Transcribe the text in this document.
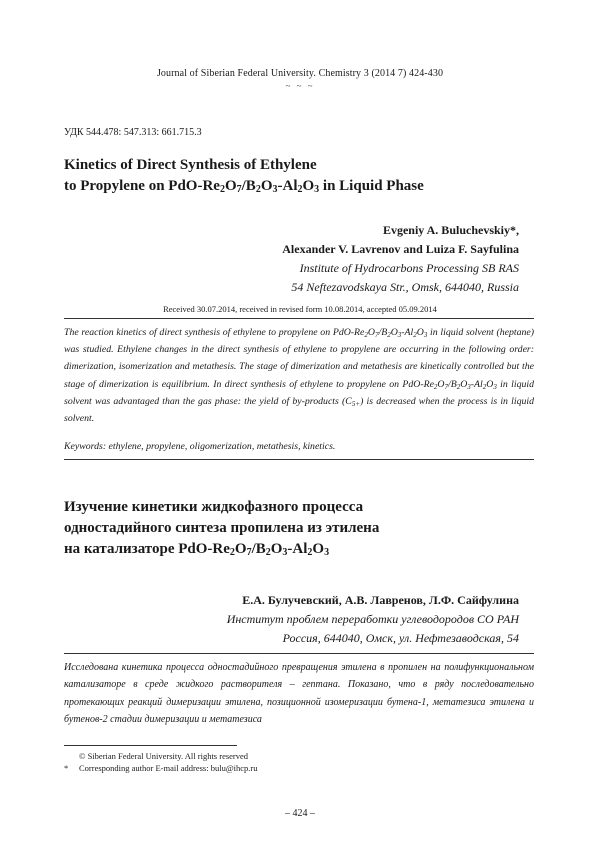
Journal of Siberian Federal University. Chemistry 3 (2014 7) 424-430
~ ~ ~
УДК 544.478: 547.313: 661.715.3
Kinetics of Direct Synthesis of Ethylene
to Propylene on PdO-$Re_2O_7/B_2O_3-Al_2O_3$ in Liquid Phase
Evgeniy A. Buluchevskiy*,
Alexander V. Lavrenov and Luiza F. Sayfulina
Institute of Hydrocarbons Processing SB RAS
54 Neftezavodskaya Str., Omsk, 644040, Russia
Received 30.07.2014, received in revised form 10.08.2014, accepted 05.09.2014
The reaction kinetics of direct synthesis of ethylene to propylene on PdO-$Re_2O_7/B_2O_3-Al_2O_3$ in liquid solvent (heptane) was studied. Ethylene changes in the direct synthesis of ethylene to propylene are occurring in the following order: dimerization, isomerization and metathesis. The stage of dimerization and metathesis are kinetically controlled but the stage of dimerization is equilibrium. In direct synthesis of ethylene to propylene on PdO-$Re_2O_7/B_2O_3-Al_2O_3$ in liquid solvent was advantaged than the gas phase: the yield of by-products $(C_{5+})$ is decreased when the process is in liquid solvent.
Keywords: ethylene, propylene, oligomerization, metathesis, kinetics.
Изучение кинетики жидкофазного процесса
одностадийного синтеза пропилена из этилена
на катализаторе PdO-$Re_2O_7/B_2O_3-Al_2O_3$
Е.А. Булучевский, А.В. Лавренов, Л.Ф. Сайфулина
Институт проблем переработки углеводородов СО РАН
Россия, 644040, Омск, ул. Нефтезаводская, 54
Исследована кинетика процесса одностадийного превращения этилена в пропилен на полифункциональном катализаторе в среде жидкого растворителя – гептана. Показано, что в ряду последовательно протекающих реакций димеризации этилена, позиционной изомеризации бутена-1, метатезиса этилена и бутенов-2 стадии димеризации и метатезиса
© Siberian Federal University. All rights reserved
*	Corresponding author E-mail address: bulu@ihcp.ru
– 424 –
